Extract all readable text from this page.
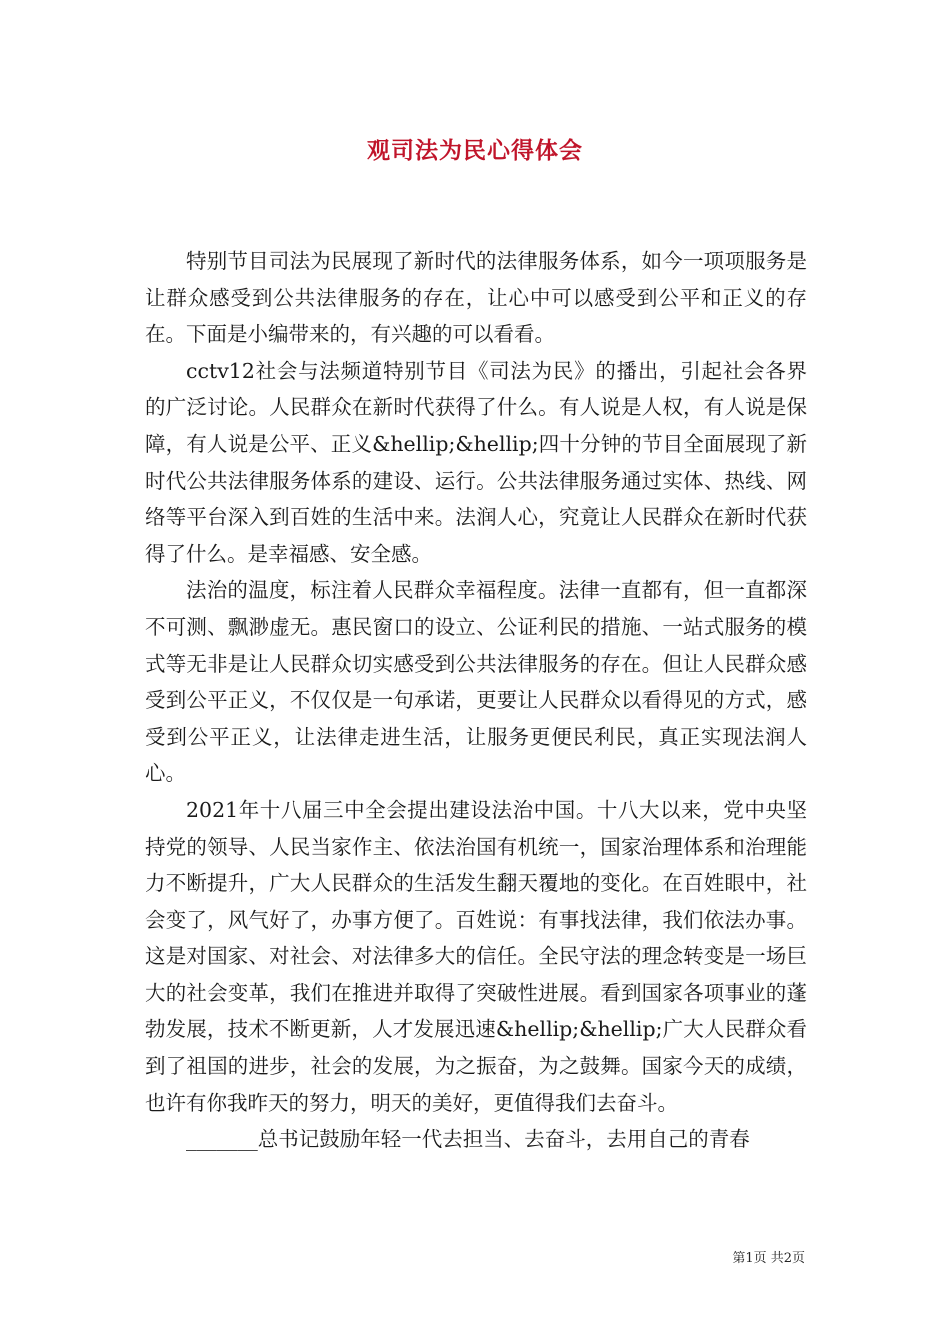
观司法为民心得体会

特别节目司法为民展现了新时代的法律服务体系，如今一项项服务是让群众感受到公共法律服务的存在，让心中可以感受到公平和正义的存在。下面是小编带来的，有兴趣的可以看看。

cctv12社会与法频道特别节目《司法为民》的播出，引起社会各界的广泛讨论。人民群众在新时代获得了什么。有人说是人权，有人说是保障，有人说是公平、正义&hellip;&hellip;四十分钟的节目全面展现了新时代公共法律服务体系的建设、运行。公共法律服务通过实体、热线、网络等平台深入到百姓的生活中来。法润人心，究竟让人民群众在新时代获得了什么。是幸福感、安全感。

法治的温度，标注着人民群众幸福程度。法律一直都有，但一直都深不可测、飘渺虚无。惠民窗口的设立、公证利民的措施、一站式服务的模式等无非是让人民群众切实感受到公共法律服务的存在。但让人民群众感受到公平正义，不仅仅是一句承诺，更要让人民群众以看得见的方式，感受到公平正义，让法律走进生活，让服务更便民利民，真正实现法润人心。

2021年十八届三中全会提出建设法治中国。十八大以来，党中央坚持党的领导、人民当家作主、依法治国有机统一，国家治理体系和治理能力不断提升，广大人民群众的生活发生翻天覆地的变化。在百姓眼中，社会变了，风气好了，办事方便了。百姓说：有事找法律，我们依法办事。这是对国家、对社会、对法律多大的信任。全民守法的理念转变是一场巨大的社会变革，我们在推进并取得了突破性进展。看到国家各项事业的蓬勃发展，技术不断更新，人才发展迅速&hellip;&hellip;广大人民群众看到了祖国的进步，社会的发展，为之振奋，为之鼓舞。国家今天的成绩，也许有你我昨天的努力，明天的美好，更值得我们去奋斗。

_______总书记鼓励年轻一代去担当、去奋斗，去用自己的青春

第1页 共2页
